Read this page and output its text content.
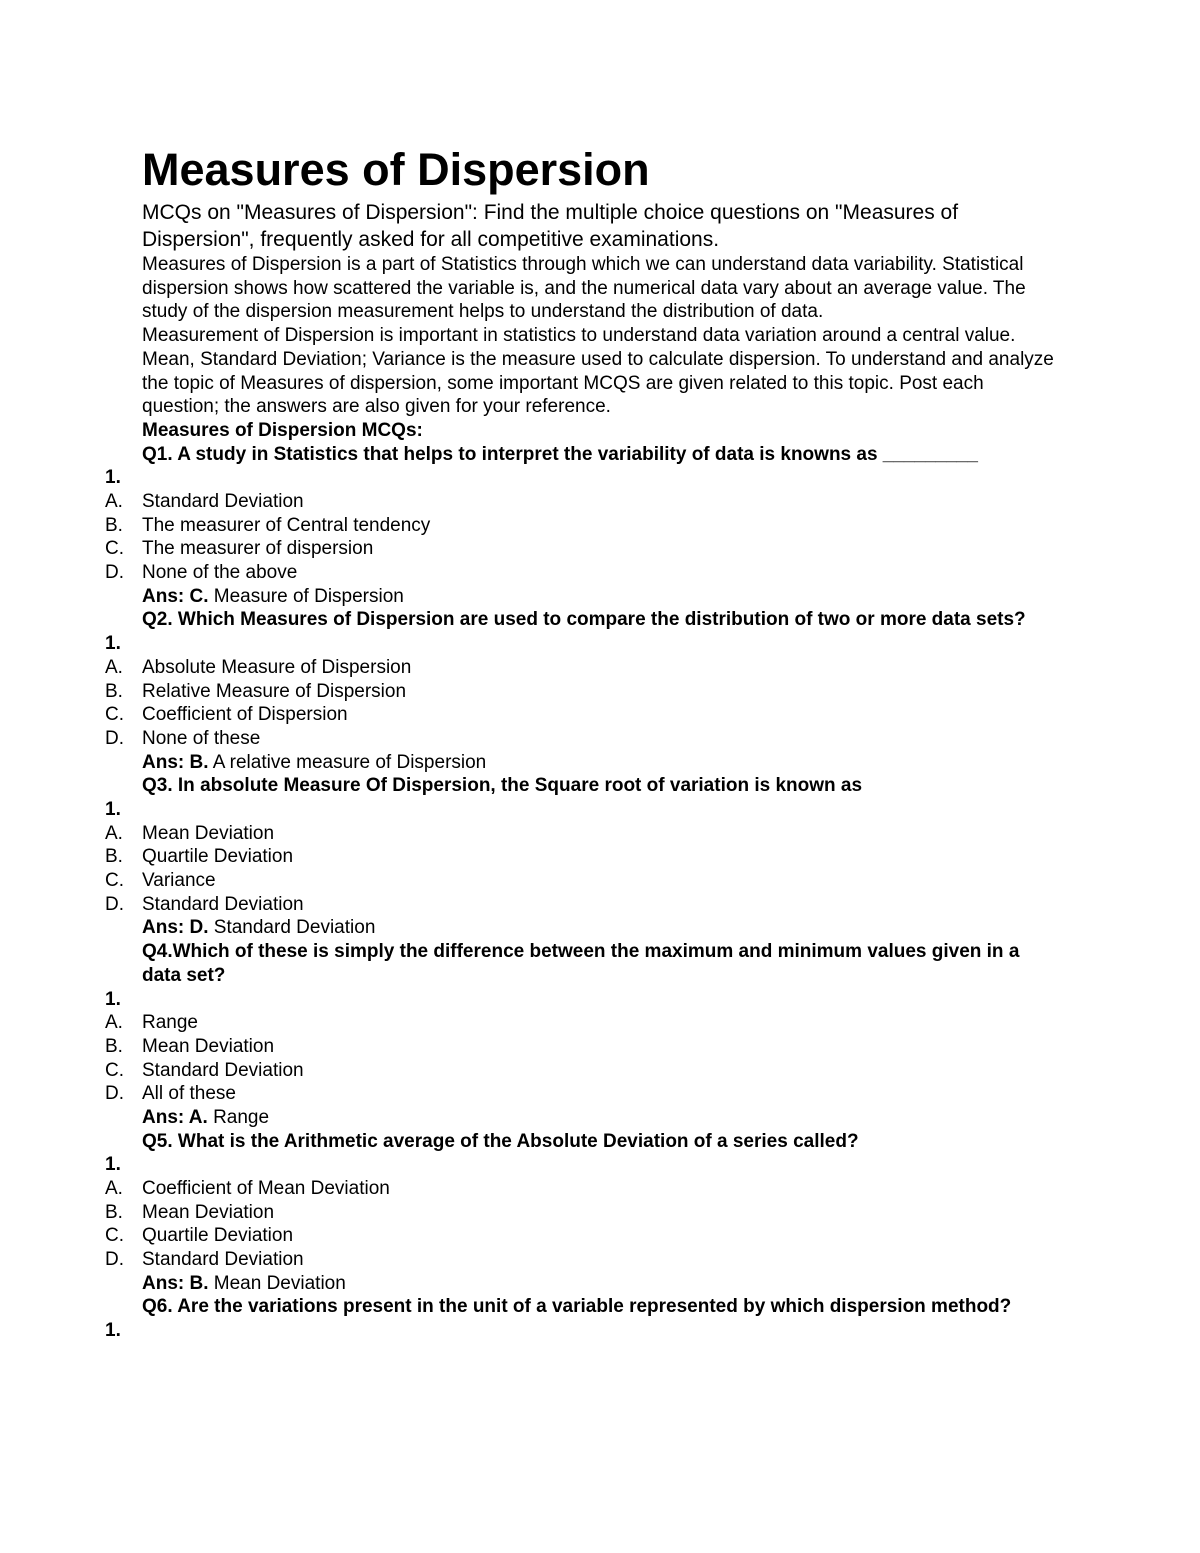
Measures of Dispersion

MCQs on "Measures of Dispersion": Find the multiple choice questions on "Measures of Dispersion", frequently asked for all competitive examinations.

Measures of Dispersion is a part of Statistics through which we can understand data variability. Statistical dispersion shows how scattered the variable is, and the numerical data vary about an average value. The study of the dispersion measurement helps to understand the distribution of data.

Measurement of Dispersion is important in statistics to understand data variation around a central value. Mean, Standard Deviation; Variance is the measure used to calculate dispersion. To understand and analyze the topic of Measures of dispersion, some important MCQS are given related to this topic. Post each question; the answers are also given for your reference.

Measures of Dispersion MCQs:

Q1. A study in Statistics that helps to interpret the variability of data is knowns as _________

1.
A.	Standard Deviation
B.	The measurer of Central tendency
C. The measurer of dispersion
D. None of the above
Ans: C. Measure of Dispersion

Q2. Which Measures of Dispersion are used to compare the distribution of two or more data sets?

1.
A.	Absolute Measure of Dispersion
B.	Relative Measure of Dispersion
C. Coefficient of Dispersion
D. None of these
Ans: B. A relative measure of Dispersion

Q3. In absolute Measure Of Dispersion, the Square root of variation is known as

1.
A.	Mean Deviation
B.	Quartile Deviation
C. Variance
D. Standard Deviation
Ans: D. Standard Deviation

Q4.Which of these is simply the difference between the maximum and minimum values given in a data set?

1.
A.	Range
B.	Mean Deviation
C. Standard Deviation
D. All of these
Ans: A. Range

Q5. What is the Arithmetic average of the Absolute Deviation of a series called?

1.
A.	Coefficient of Mean Deviation
B.	Mean Deviation
C. Quartile Deviation
D. Standard Deviation
Ans: B. Mean Deviation

Q6. Are the variations present in the unit of a variable represented by which dispersion method?

1.
